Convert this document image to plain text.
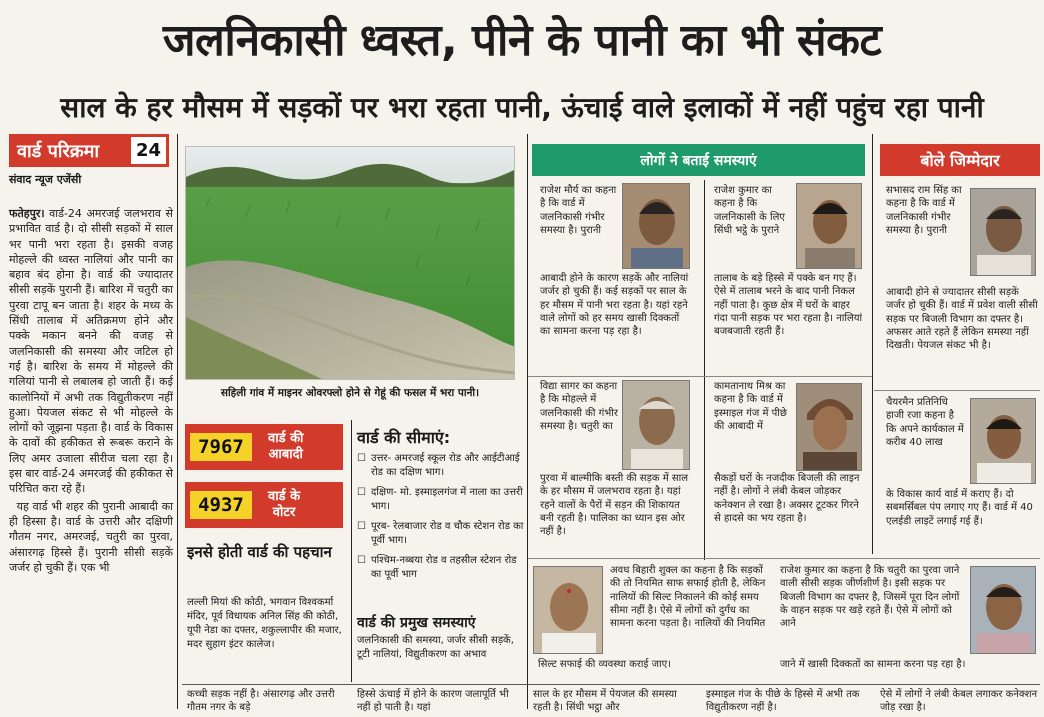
जलनिकासी ध्वस्त, पीने के पानी का भी संकट
साल के हर मौसम में सड़कों पर भरा रहता पानी, ऊंचाई वाले इलाकों में नहीं पहुंच रहा पानी
वार्ड परिक्रमा 24
संवाद न्यूज एजेंसी

फतेहपुर। वार्ड-24 अमरजई जलभराव से प्रभावित वार्ड है। दो सीसी सड़कों में साल भर पानी भरा रहता है। इसकी वजह मोहल्ले की ध्वस्त नालियां और पानी का बहाव बंद होना है। वार्ड की ज्यादातर सीसी सड़कें पुरानी हैं। बारिश में चतुरी का पुरवा टापू बन जाता है। शहर के मध्य के सिंधी तालाब में अतिक्रमण होने और पक्के मकान बनने की वजह से जलनिकासी की समस्या और जटिल हो गई है। बारिश के समय में मोहल्ले की गलियां पानी से लबालब हो जाती हैं। कई कालोनियों में अभी तक विद्युतीकरण नहीं हुआ। पेयजल संकट से भी मोहल्ले के लोगों को जूझना पड़ता है। वार्ड के विकास के दावों की हकीकत से रूबरू कराने के लिए अमर उजाला सीरीज चला रहा है। इस बार वार्ड-24 अमरजई की हकीकत से परिचित करा रहे हैं।

यह वार्ड भी शहर की पुरानी आबादी का ही हिस्सा है। वार्ड के उत्तरी और दक्षिणी गौतम नगर, अमरजई, चतुरी का पुरवा, अंसारगढ़ हिस्से हैं। पुरानी सीसी सड़कें जर्जर हो चुकी हैं। एक भी

सहिली गांव में माइनर ओवरफ्लो होने से गेहूं की फसल में भरा पानी।
7967	वार्ड की
आबादी
4937	वार्ड के
वोटर
इनसे होती वार्ड की पहचान
लल्ली मियां की कोठी, भगवान विश्वकर्मा मंदिर, पूर्व विधायक अनिल सिंह की कोठी, यूपी नेडा का दफ्तर, शकुल्लापीर की मजार, मदर सुहाग इंटर कालेज।
वार्ड की सीमाएं:
☐ उत्तर- अमरजई स्कूल रोड और आईटीआई रोड का दक्षिण भाग।
☐ दक्षिण- मो. इस्माइलगंज में नाला का उत्तरी भाग।
☐ पूरब- रेलबाजार रोड व चौक स्टेशन रोड का पूर्वी भाग।
☐ पश्चिम-नब्बया रोड व तहसील स्टेशन रोड का पूर्वी भाग
वार्ड की प्रमुख समस्याएं
जलनिकासी की समस्या, जर्जर सीसी सड़कें, टूटी नालियां, विद्युतीकरण का अभाव
लोगों ने बताई समस्याएं	बोले जिम्मेदार
राजेश मौर्य का कहना है कि वार्ड में जलनिकासी गंभीर समस्या है। पुरानी
आबादी होने के कारण सड़कें और नालियां जर्जर हो चुकी हैं। कई सड़कों पर साल के हर मौसम में पानी भरा रहता है। यहां रहने वाले लोगों को हर समय खासी दिक्कतों का सामना करना पड़ रहा है।
राजेश कुमार का कहना है कि जलनिकासी के लिए सिंधी भट्ठे के पुराने
तालाब के बड़े हिस्से में पक्के बन गए हैं। ऐसे में तालाब भरने के बाद पानी निकल नहीं पाता है। कुछ क्षेत्र में घरों के बाहर गंदा पानी सड़क पर भरा रहता है। नालियां बजबजाती रहती हैं।
विद्या सागर का कहना है कि मोहल्ले में जलनिकासी की गंभीर समस्या है। चतुरी का
पुरवा में बाल्मीकि बस्ती की सड़क में साल के हर मौसम में जलभराव रहता है। यहां रहने वालों के पैरों में सड़न की शिकायत बनी रहती है। पालिका का ध्यान इस ओर नहीं है।
कामतानाथ मिश्र का कहना है कि वार्ड में इस्माइल गंज में पीछे की आबादी में
सैकड़ों घरों के नजदीक बिजली की लाइन नहीं है। लोगों ने लंबी केबल जोड़कर कनेक्शन ले रखा है। अक्सर टूटकर गिरने से हादसे का भय रहता है।
अवध बिहारी शुक्ल का कहना है कि सड़कों की तो नियमित साफ सफाई होती है, लेकिन नालियों की सिल्ट निकालने की कोई समय सीमा नहीं है। ऐसे में लोगों को दुर्गंध का सामना करना पड़ता है। नालियों की नियमित
सिल्ट सफाई की व्यवस्था कराई जाए।
सभासद राम सिंह का कहना है कि वार्ड में जलनिकासी गंभीर समस्या है। पुरानी
आबादी होने से ज्यादातर सीसी सड़कें जर्जर हो चुकी हैं। वार्ड में प्रवेश वाली सीसी सड़क पर बिजली विभाग का दफ्तर है। अफसर आते रहते हैं लेकिन समस्या नहीं दिखती। पेयजल संकट भी है।
चैयरमैन प्रतिनिधि हाजी रजा कहना है कि अपने कार्यकाल में करीब 40 लाख
के विकास कार्य वार्ड में कराए हैं। दो सबमर्सिबल पंप लगाए गए हैं। वार्ड में 40 एलईडी लाइटें लगाई गई हैं।
राजेश कुमार का कहना है कि चतुरी का पुरवा जाने वाली सीसी सड़क जीर्णशीर्ण है। इसी सड़क पर बिजली विभाग का दफ्तर है, जिसमें पूरा दिन लोगों के वाहन सड़क पर खड़े रहते हैं। ऐसे में लोगों को आने
जाने में खासी दिक्कतों का सामना करना पड़ रहा है।
कच्ची सड़क नहीं है। अंसारगढ़ और उत्तरी गौतम नगर के बड़े
हिस्से ऊंचाई में होने के कारण जलापूर्ति भी नहीं हो पाती है। यहां
साल के हर मौसम में पेयजल की समस्या रहती है। सिंधी भट्ठा और
इस्माइल गंज के पीछे के हिस्से में अभी तक विद्युतीकरण नहीं है।
ऐसे में लोगों ने लंबी केबल लगाकर कनेक्शन जोड़ रखा है।
